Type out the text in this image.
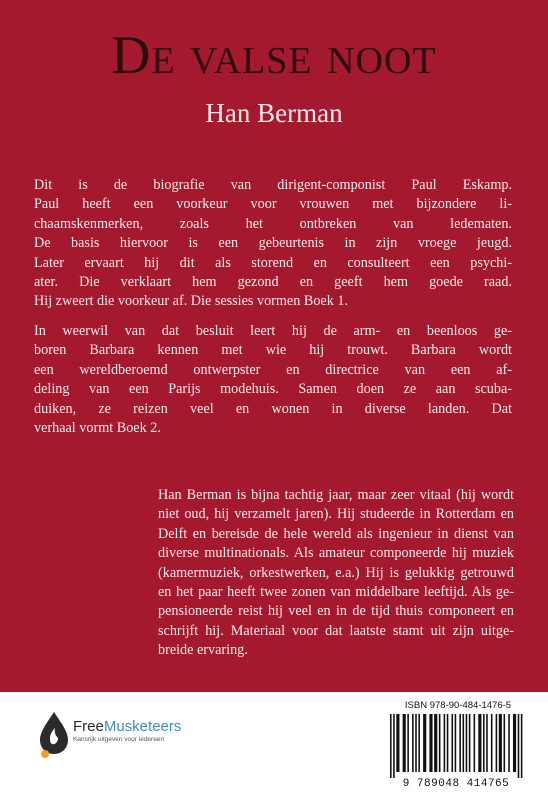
De valse noot
Han Berman
Dit is de biografie van dirigent-componist Paul Eskamp.
Paul heeft een voorkeur voor vrouwen met bijzondere li-
chaamskenmerken, zoals het ontbreken van ledematen.
De basis hiervoor is een gebeurtenis in zijn vroege jeugd.
Later ervaart hij dit als storend en consulteert een psychi-
ater. Die verklaart hem gezond en geeft hem goede raad.
Hij zweert die voorkeur af. Die sessies vormen Boek 1.
In weerwil van dat besluit leert hij de arm- en beenloos ge-
boren Barbara kennen met wie hij trouwt. Barbara wordt
een wereldberoemd ontwerpster en directrice van een af-
deling van een Parijs modehuis. Samen doen ze aan scuba-
duiken, ze reizen veel en wonen in diverse landen. Dat
verhaal vormt Boek 2.
Han Berman is bijna tachtig jaar, maar zeer vitaal (hij wordt
niet oud, hij verzamelt jaren). Hij studeerde in Rotterdam en
Delft en bereisde de hele wereld als ingenieur in dienst van
diverse multinationals. Als amateur componeerde hij muziek
(kamermuziek, orkestwerken, e.a.) Hij is gelukkig getrouwd
en het paar heeft twee zonen van middelbare leeftijd. Als ge-
pensioneerde reist hij veel en in de tijd thuis componeert en
schrijft hij. Materiaal voor dat laatste stamt uit zijn uitge-
breide ervaring.
FreeMusketeers
Kansrijk uitgeven voor iedereen
ISBN 978-90-484-1476-5
9 789048 414765
